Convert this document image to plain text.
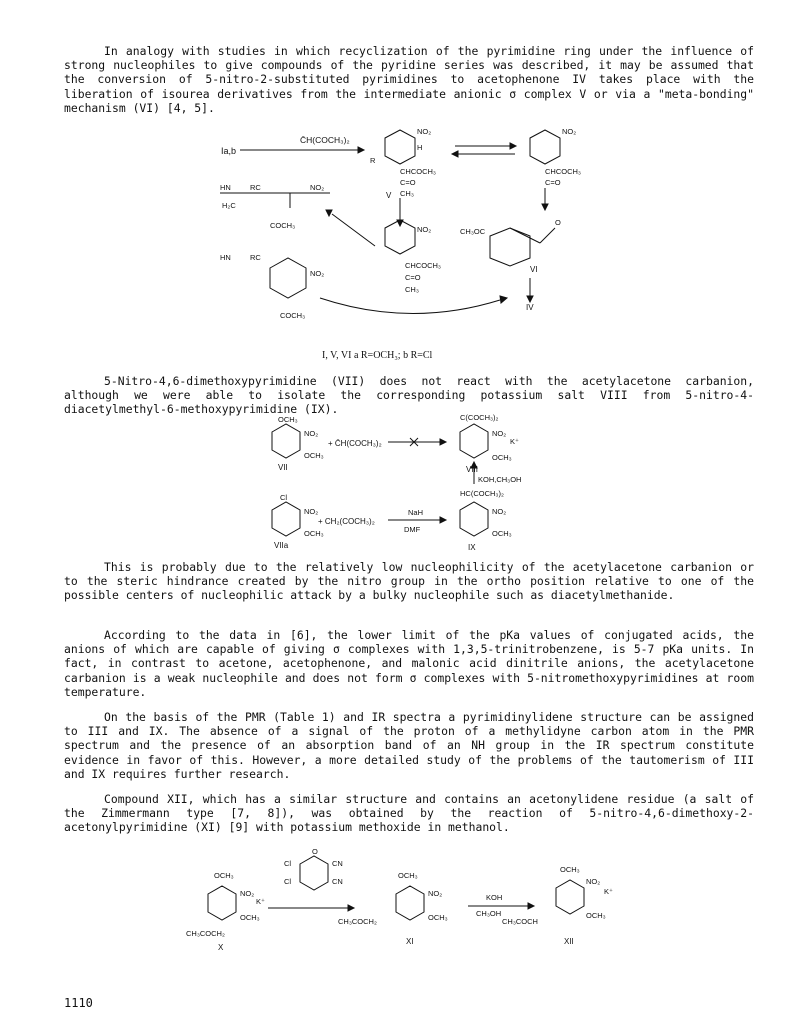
In analogy with studies in which recyclization of the pyrimidine ring under the influence of strong nucleophiles to give compounds of the pyridine series was described, it may be assumed that the conversion of 5-nitro-2-substituted pyrimidines to acetophenone IV takes place with the liberation of isourea derivatives from the intermediate anionic σ complex V or via a "meta-bonding" mechanism (VI) [4, 5].
Ia,b
C̄H(COCH₃)₂
NO₂
H
R
CHCOCH₃
C=O
CH₃
V
NO₂
CHCOCH₃
C=O
NO₂
CHCOCH₃
C=O
CH₃
O
CH₃OC
VI
IV
HN	RC	NO₂
H₂C
COCH₃
HN	RC
NO₂
COCH₃
I, V, VI a R=OCH₃; b R=Cl
5-Nitro-4,6-dimethoxypyrimidine (VII) does not react with the acetylacetone carbanion, although we were able to isolate the corresponding potassium salt VIII from 5-nitro-4-diacetylmethyl-6-methoxypyrimidine (IX).
OCH₃
NO₂
OCH₃
VII
+ C̄H(COCH₃)₂
C(COCH₃)₂
NO₂
K⁺
OCH₃
VIII
KOH,CH₃OH
HC(COCH₃)₂
Cl
NO₂
OCH₃
VIIa
+ CH₂(COCH₃)₂
NaH
DMF
NO₂
OCH₃
IX
This is probably due to the relatively low nucleophilicity of the acetylacetone carbanion or to the steric hindrance created by the nitro group in the ortho position relative to one of the possible centers of nucleophilic attack by a bulky nucleophile such as diacetylmethanide.
According to the data in [6], the lower limit of the pKa values of conjugated acids, the anions of which are capable of giving σ complexes with 1,3,5-trinitrobenzene, is 5-7 pKa units. In fact, in contrast to acetone, acetophenone, and malonic acid dinitrile anions, the acetylacetone carbanion is a weak nucleophile and does not form σ complexes with 5-nitromethoxypyrimidines at room temperature.
On the basis of the PMR (Table 1) and IR spectra a pyrimidinylidene structure can be assigned to III and IX. The absence of a signal of the proton of a methylidyne carbon atom in the PMR spectrum and the presence of an absorption band of an NH group in the IR spectrum constitute evidence in favor of this. However, a more detailed study of the problems of the tautomerism of III and IX requires further research.
Compound XII, which has a similar structure and contains an acetonylidene residue (a salt of the Zimmermann type [7, 8]), was obtained by the reaction of 5-nitro-4,6-dimethoxy-2-acetonylpyrimidine (XI) [9] with potassium methoxide in methanol.
OCH₃
NO₂
K⁺
OCH₃
CH₃COCH₂
X
O
Cl	CN
Cl	CN
OCH₃
NO₂
CH₃COCH₂	OCH₃
XI
KOH
CH₃OH
OCH₃
NO₂
K⁺
CH₃COCH
OCH₃
XII
1110
